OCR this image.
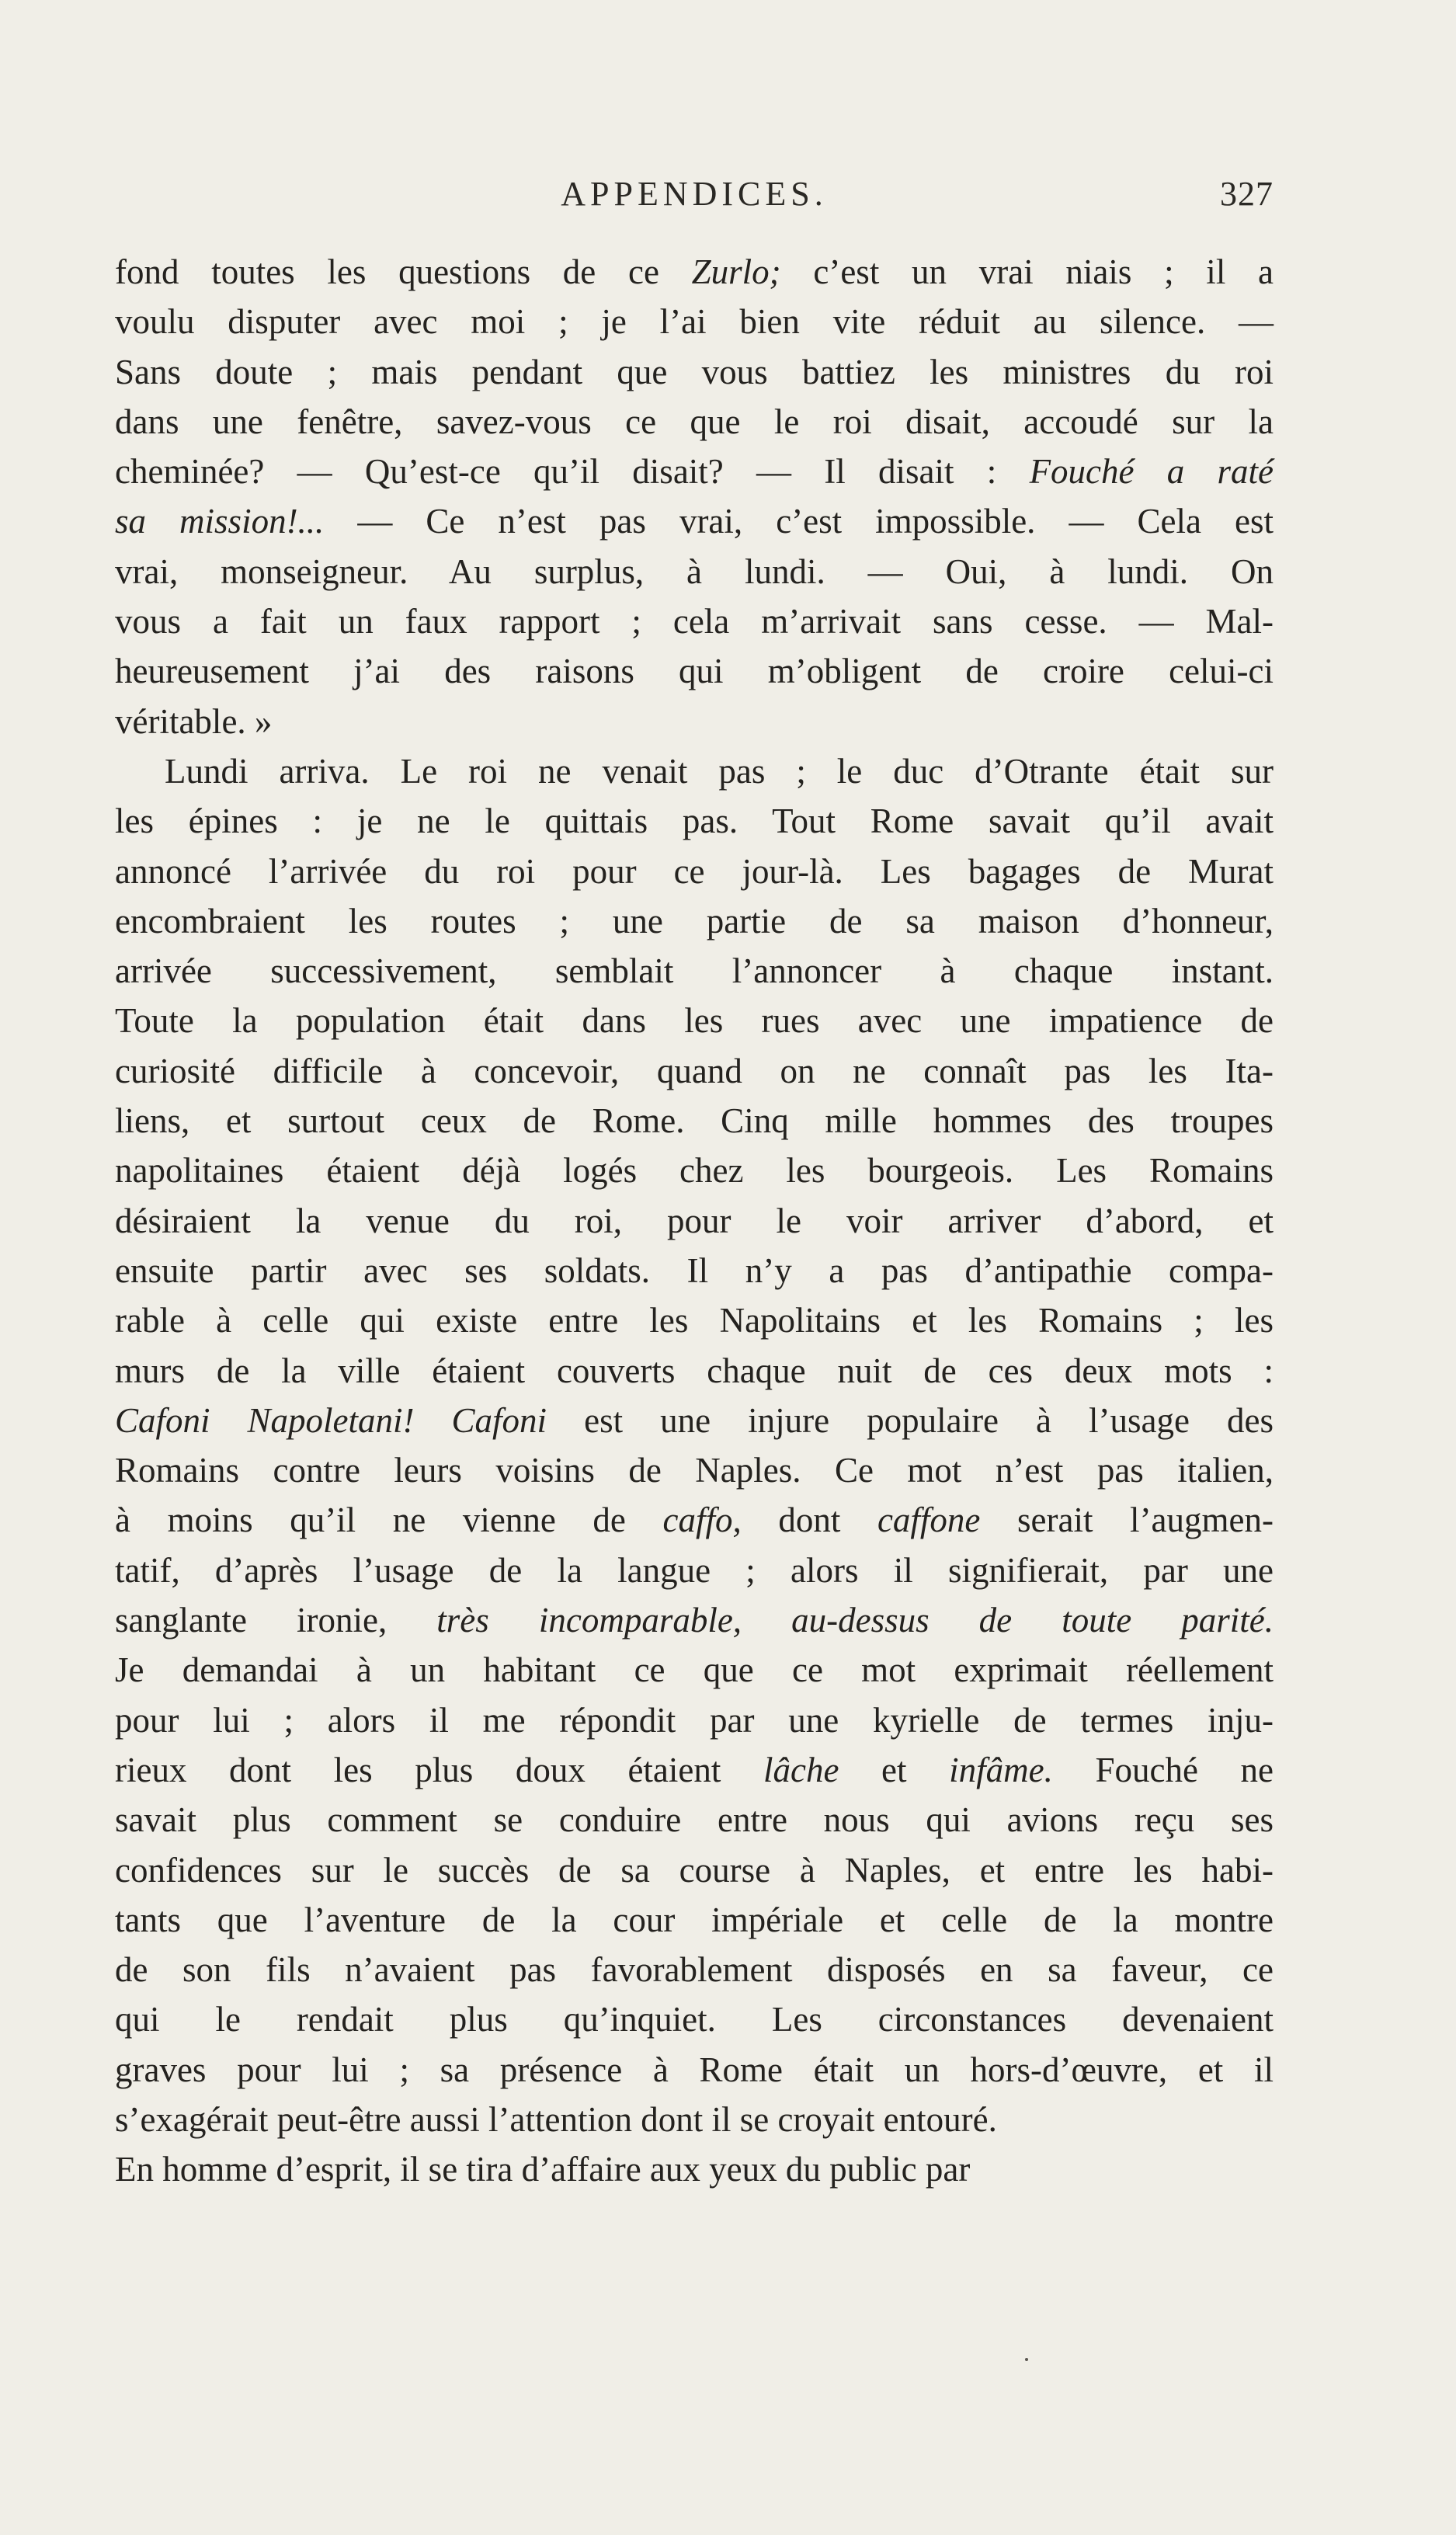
APPENDICES.	327
fond toutes les questions de ce Zurlo; c’est un vrai niais ; il a
voulu disputer avec moi ; je l’ai bien vite réduit au silence. —
Sans doute ; mais pendant que vous battiez les ministres du roi
dans une fenêtre, savez-vous ce que le roi disait, accoudé sur la
cheminée? — Qu’est-ce qu’il disait? — Il disait : Fouché a raté
sa mission!... — Ce n’est pas vrai, c’est impossible. — Cela est
vrai, monseigneur. Au surplus, à lundi. — Oui, à lundi. On
vous a fait un faux rapport ; cela m’arrivait sans cesse. — Mal-
heureusement j’ai des raisons qui m’obligent de croire celui-ci
véritable. »
Lundi arriva. Le roi ne venait pas ; le duc d’Otrante était sur
les épines : je ne le quittais pas. Tout Rome savait qu’il avait
annoncé l’arrivée du roi pour ce jour-là. Les bagages de Murat
encombraient les routes ; une partie de sa maison d’honneur,
arrivée successivement, semblait l’annoncer à chaque instant.
Toute la population était dans les rues avec une impatience de
curiosité difficile à concevoir, quand on ne connaît pas les Ita-
liens, et surtout ceux de Rome. Cinq mille hommes des troupes
napolitaines étaient déjà logés chez les bourgeois. Les Romains
désiraient la venue du roi, pour le voir arriver d’abord, et
ensuite partir avec ses soldats. Il n’y a pas d’antipathie compa-
rable à celle qui existe entre les Napolitains et les Romains ; les
murs de la ville étaient couverts chaque nuit de ces deux mots :
Cafoni Napoletani! Cafoni est une injure populaire à l’usage des
Romains contre leurs voisins de Naples. Ce mot n’est pas italien,
à moins qu’il ne vienne de caffo, dont caffone serait l’augmen-
tatif, d’après l’usage de la langue ; alors il signifierait, par une
sanglante ironie, très incomparable, au-dessus de toute parité.
Je demandai à un habitant ce que ce mot exprimait réellement
pour lui ; alors il me répondit par une kyrielle de termes inju-
rieux dont les plus doux étaient lâche et infâme. Fouché ne
savait plus comment se conduire entre nous qui avions reçu ses
confidences sur le succès de sa course à Naples, et entre les habi-
tants que l’aventure de la cour impériale et celle de la montre
de son fils n’avaient pas favorablement disposés en sa faveur, ce
qui le rendait plus qu’inquiet. Les circonstances devenaient
graves pour lui ; sa présence à Rome était un hors-d’œuvre, et il
s’exagérait peut-être aussi l’attention dont il se croyait entouré.
En homme d’esprit, il se tira d’affaire aux yeux du public par
